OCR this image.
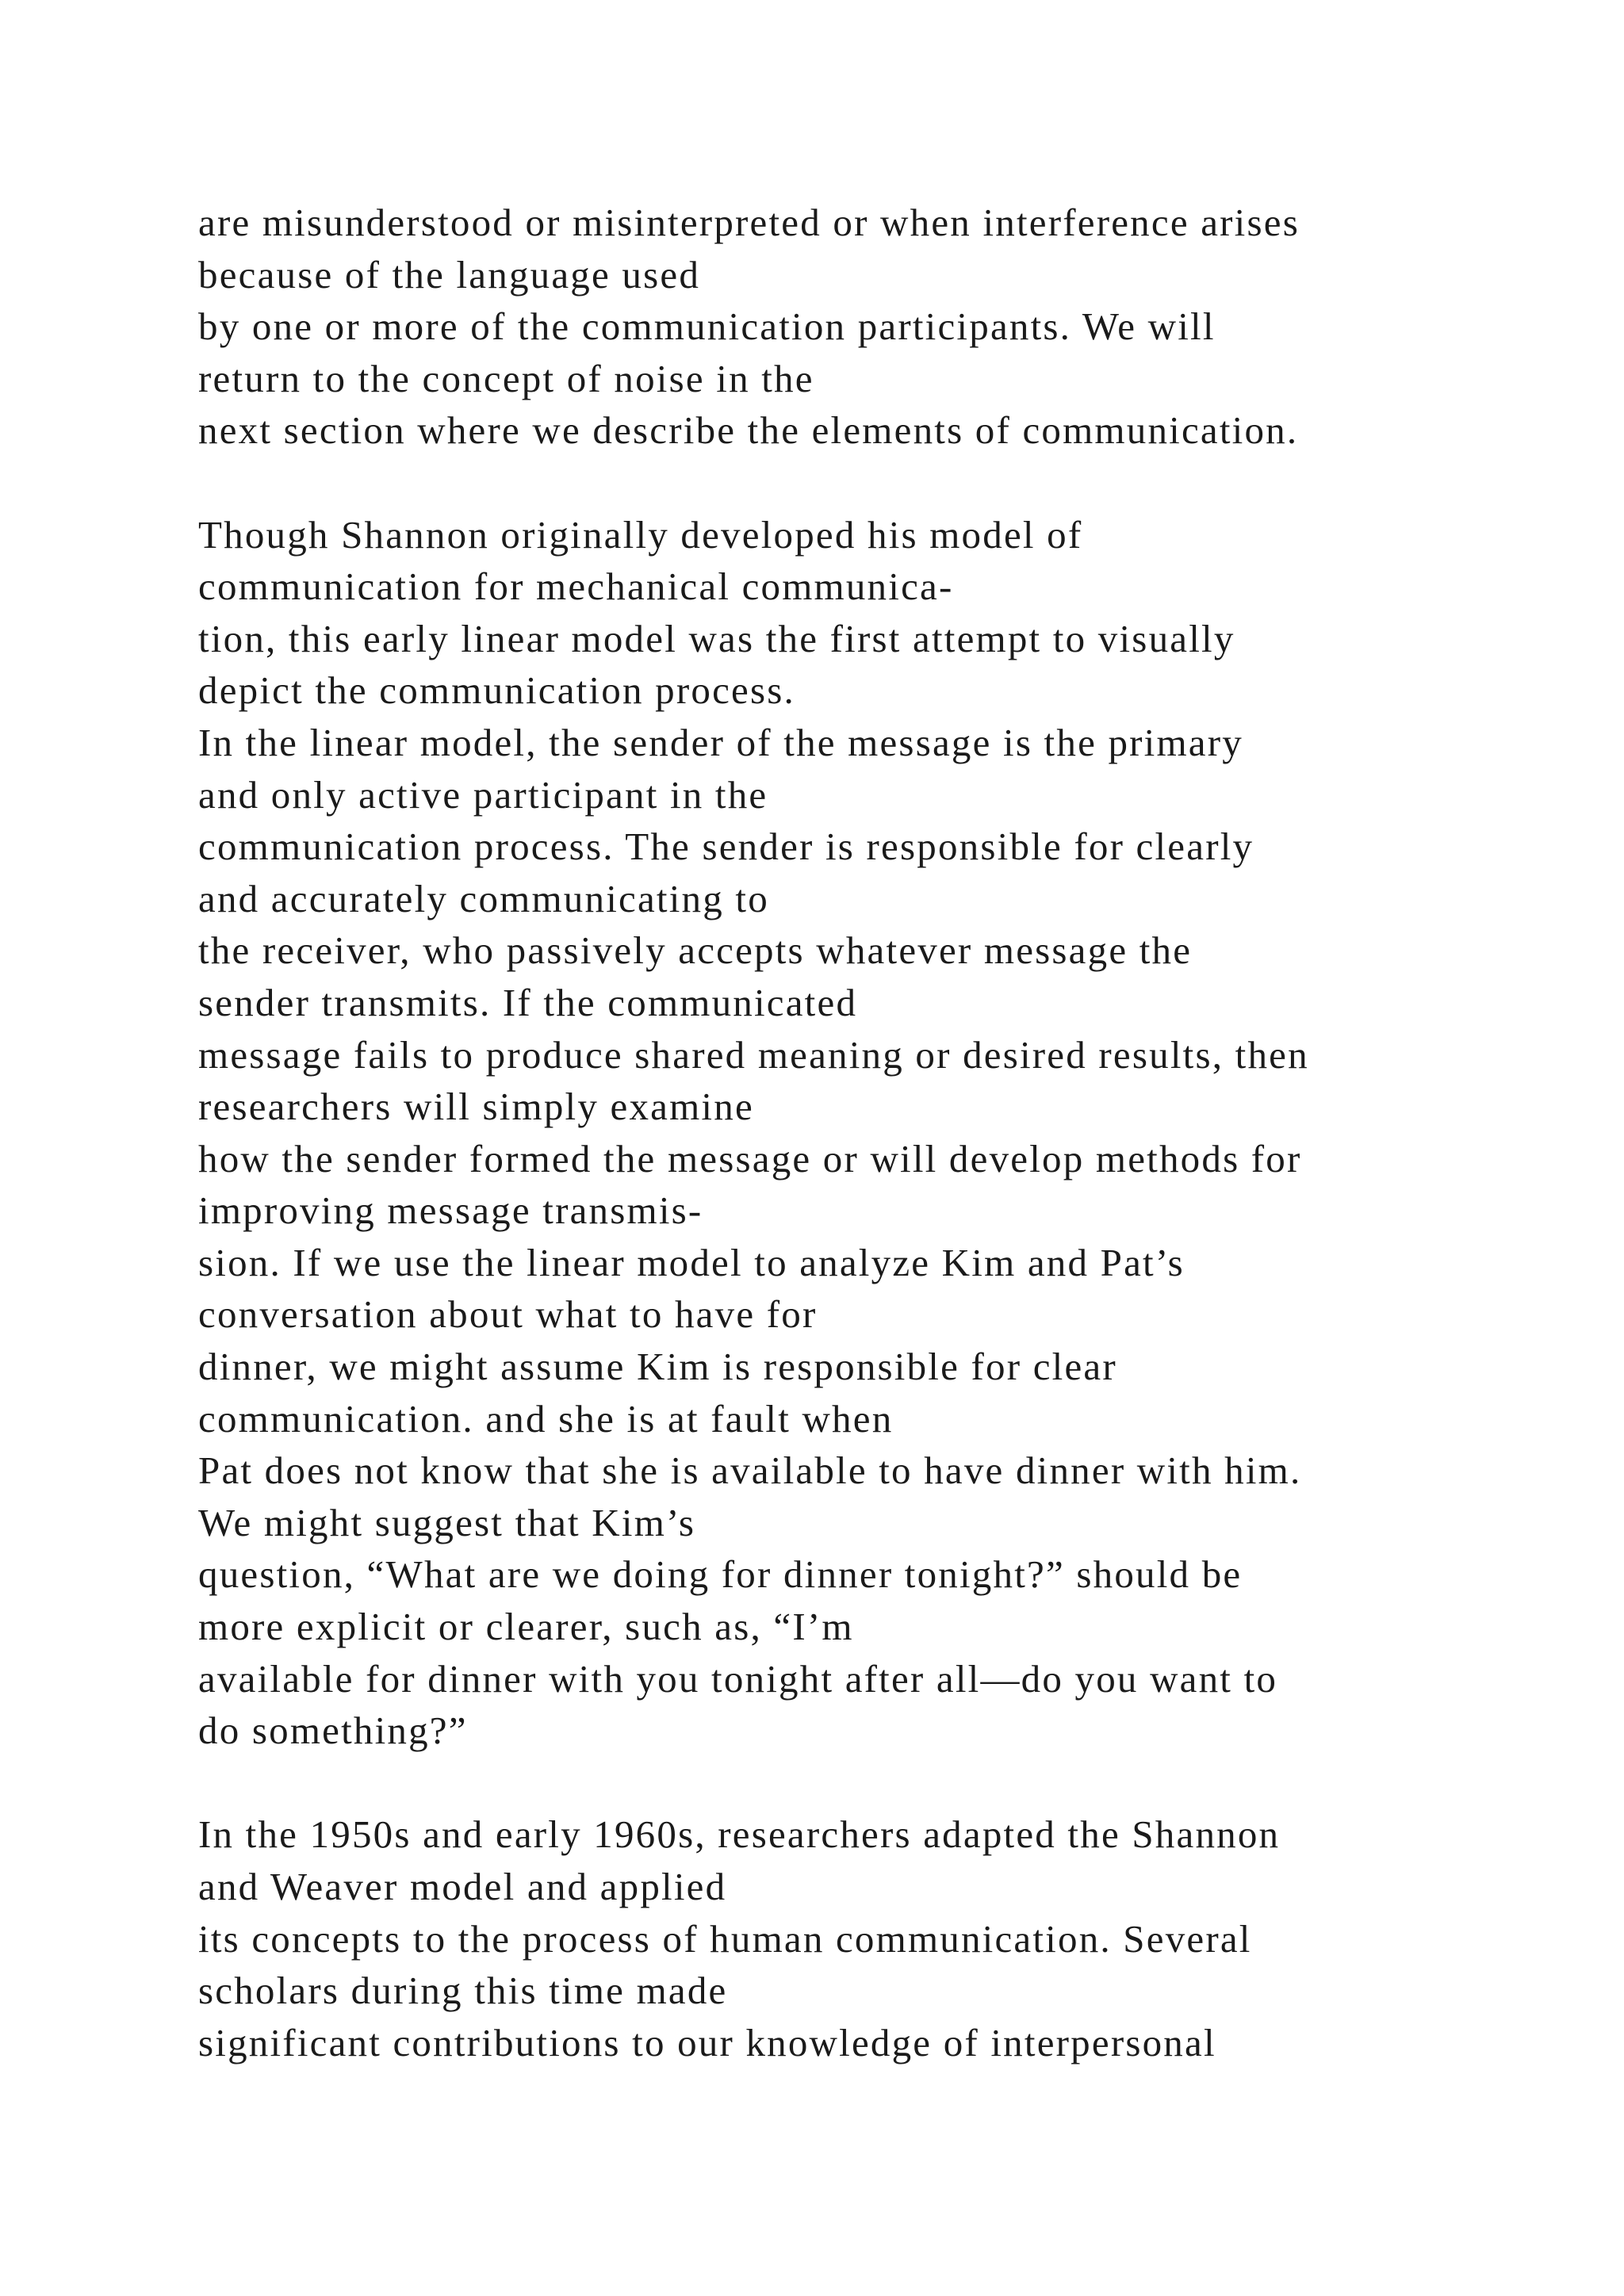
are misunderstood or misinterpreted or when interference arises
because of the language used
by one or more of the communication participants. We will
return to the concept of noise in the
next section where we describe the elements of communication.
Though Shannon originally developed his model of
communication for mechanical communica-
tion, this early linear model was the first attempt to visually
depict the communication process.
In the linear model, the sender of the message is the primary
and only active participant in the
communication process. The sender is responsible for clearly
and accurately communicating to
the receiver, who passively accepts whatever message the
sender transmits. If the communicated
message fails to produce shared meaning or desired results, then
researchers will simply examine
how the sender formed the message or will develop methods for
improving message transmis-
sion. If we use the linear model to analyze Kim and Pat’s
conversation about what to have for
dinner, we might assume Kim is responsible for clear
communication. and she is at fault when
Pat does not know that she is available to have dinner with him.
We might suggest that Kim’s
question, “What are we doing for dinner tonight?” should be
more explicit or clearer, such as, “I’m
available for dinner with you tonight after all—do you want to
do something?”
In the 1950s and early 1960s, researchers adapted the Shannon
and Weaver model and applied
its concepts to the process of human communication. Several
scholars during this time made
significant contributions to our knowledge of interpersonal
